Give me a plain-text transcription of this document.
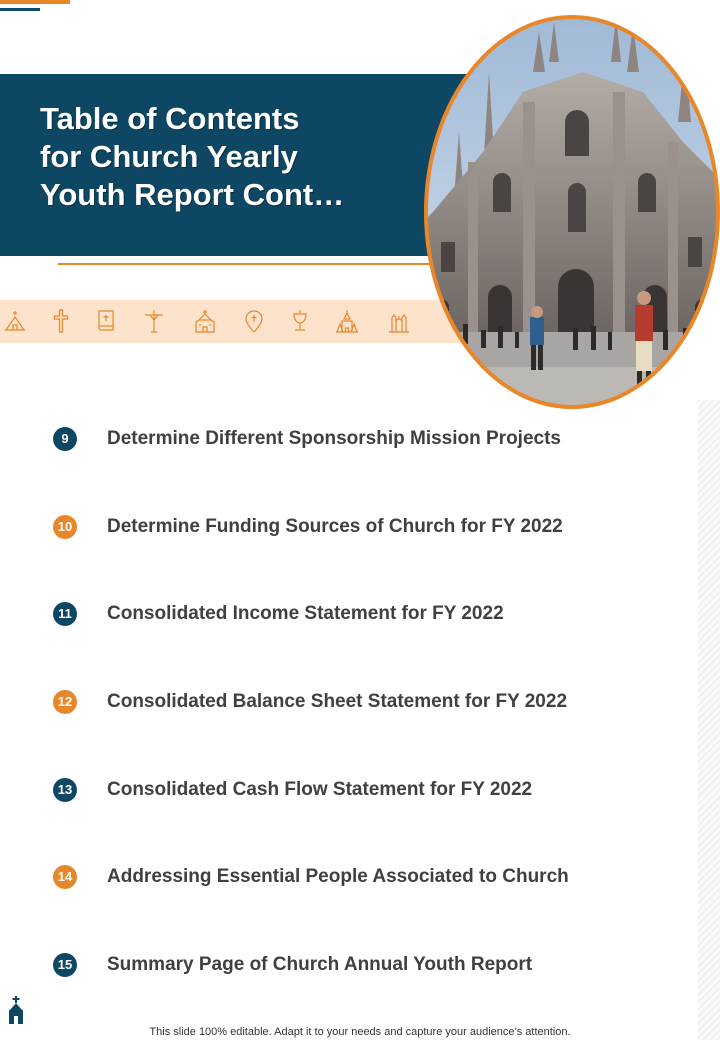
Table of Contents
for Church Yearly
Youth Report Cont…
9	Determine Different Sponsorship Mission Projects
10 Determine Funding Sources of Church for FY 2022
11 Consolidated Income Statement for FY 2022
12 Consolidated Balance Sheet Statement for FY 2022
13 Consolidated Cash Flow Statement for FY 2022
14 Addressing Essential People Associated to Church
15 Summary Page of Church Annual Youth Report
This slide 100% editable. Adapt it to your needs and capture your audience’s attention.
